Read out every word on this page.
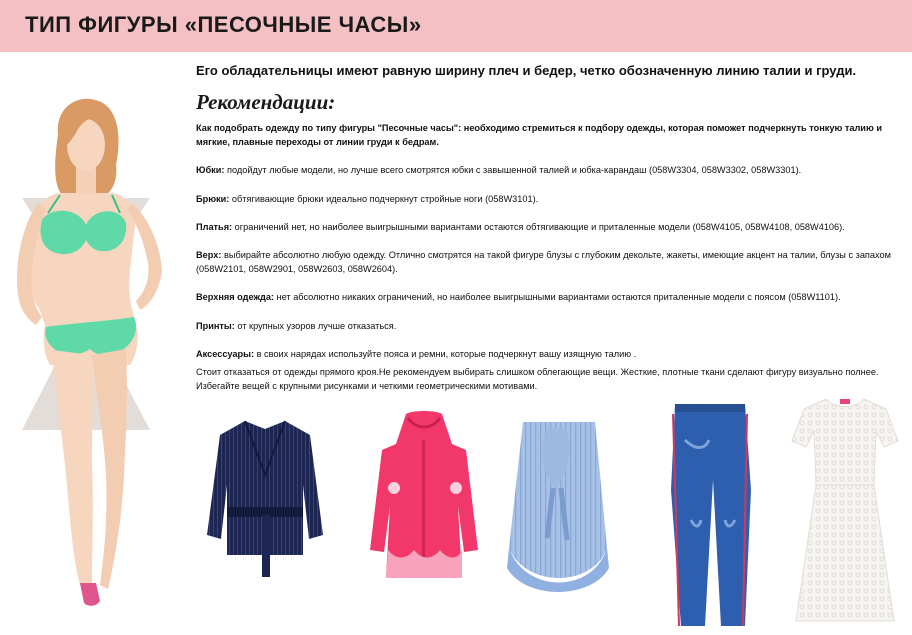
ТИП ФИГУРЫ «ПЕСОЧНЫЕ ЧАСЫ»
Его обладательницы имеют равную ширину плеч и бедер, четко обозначенную линию талии и груди.
Рекомендации:

Как подобрать одежду по типу фигуры "Песочные часы": необходимо стремиться к подбору одежды, которая поможет подчеркнуть тонкую талию и мягкие, плавные переходы от линии груди к бедрам.

Юбки: подойдут любые модели, но лучше всего смотрятся юбки с завышенной талией и юбка-карандаш (058W3304, 058W3302, 058W3301).

Брюки: обтягивающие брюки идеально подчеркнут стройные ноги (058W3101).

Платья: ограничений нет, но наиболее выигрышными вариантами остаются обтягивающие и приталенные модели (058W4105, 058W4108, 058W4106).

Верх: выбирайте абсолютно любую одежду. Отлично смотрятся на такой фигуре блузы с глубоким декольте, жакеты, имеющие акцент на талии, блузы с запахом (058W2101, 058W2901, 058W2603, 058W2604).

Верхняя одежда: нет абсолютно никаких ограничений, но наиболее выигрышными вариантами остаются приталенные модели с поясом (058W1101).

Принты: от крупных узоров лучше отказаться.

Аксессуары: в своих нарядах используйте пояса и ремни, которые подчеркнут вашу изящную талию .

Стоит отказаться от одежды прямого кроя.Не рекомендуем выбирать слишком облегающие вещи. Жесткие, плотные ткани сделают фигуру визуально полнее. Избегайте вещей с крупными рисунками и четкими геометрическими мотивами.
